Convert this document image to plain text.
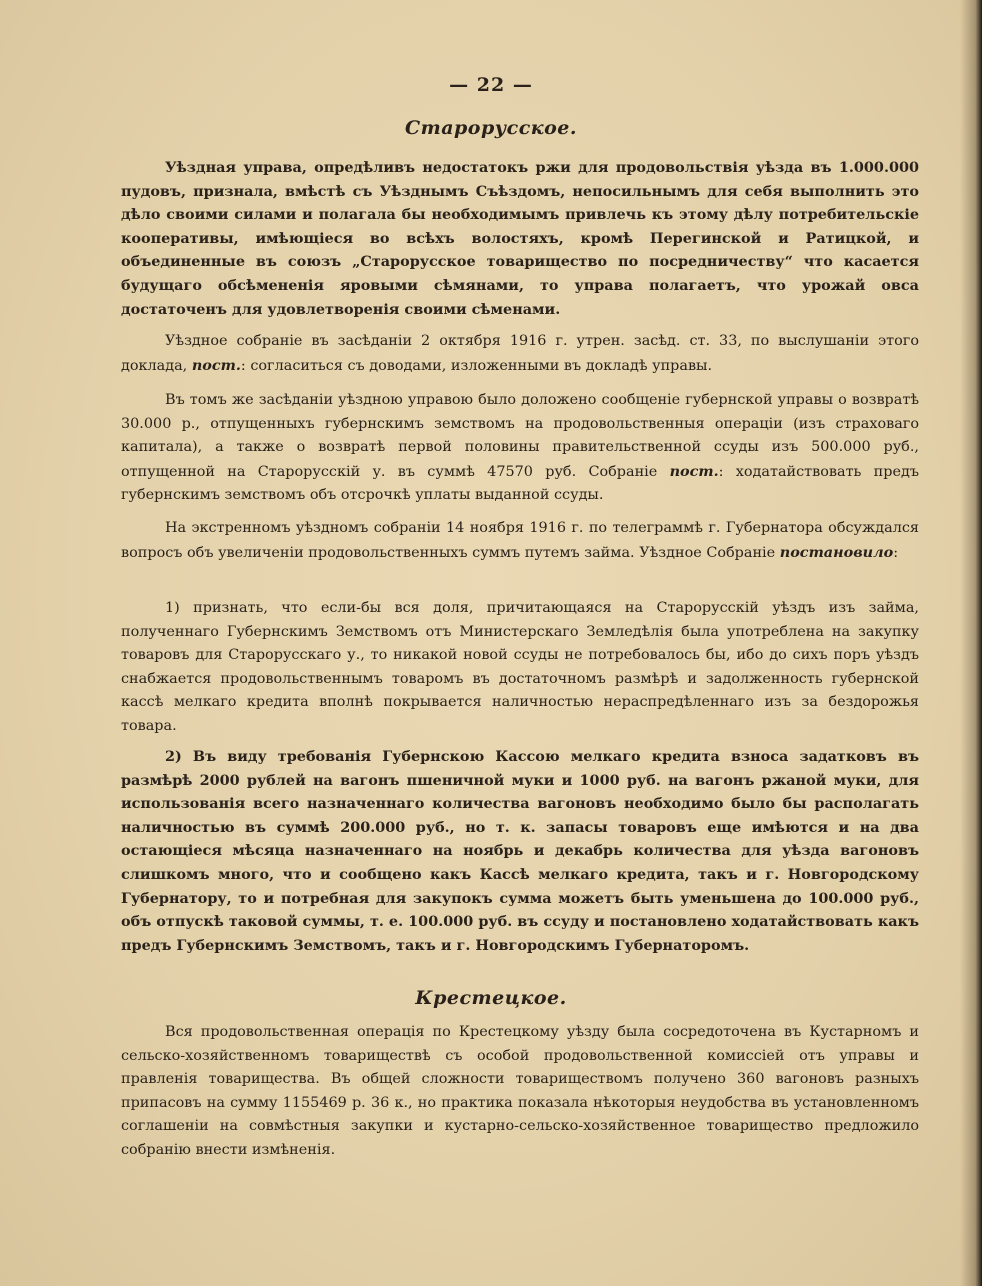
— 22 —
Старорусское.

Уѣздная управа, опредѣливъ недостатокъ ржи для продовольствія уѣзда въ 1.000.000 пудовъ, признала, вмѣстѣ съ Уѣзднымъ Съѣздомъ, непосильнымъ для себя выполнить это дѣло своими силами и полагала бы необходимымъ привлечь къ этому дѣлу потребительскіе кооперативы, имѣющіеся во всѣхъ волостяхъ, кромѣ Перегинской и Ратицкой, и объединенные въ союзъ „Старорусское товарищество по посредничеству“ что касается будущаго обсѣмененія яровыми сѣмянами, то управа полагаетъ, что урожай овса достаточенъ для удовлетворенія своими сѣменами.

Уѣздное собраніе въ засѣданіи 2 октября 1916 г. утрен. засѣд. ст. 33, по выслушаніи этого доклада, пост.: согласиться съ доводами, изложенными въ докладѣ управы.

Въ томъ же засѣданіи уѣздною управою было доложено сообщеніе губернской управы о возвратѣ 30.000 р., отпущенныхъ губернскимъ земствомъ на продовольственныя операціи (изъ страховаго капитала), а также о возвратѣ первой половины правительственной ссуды изъ 500.000 руб., отпущенной на Старорусскій у. въ суммѣ 47570 руб. Собраніе пост.: ходатайствовать предъ губернскимъ земствомъ объ отсрочкѣ уплаты выданной ссуды.

На экстренномъ уѣздномъ собраніи 14 ноября 1916 г. по телеграммѣ г. Губернатора обсуждался вопросъ объ увеличеніи продовольственныхъ суммъ путемъ займа. Уѣздное Собраніе постановило:

1) признать, что если-бы вся доля, причитающаяся на Старорусскій уѣздъ изъ займа, полученнаго Губернскимъ Земствомъ отъ Министерскаго Земледѣлія была употреблена на закупку товаровъ для Старорусскаго у., то никакой новой ссуды не потребовалось бы, ибо до сихъ поръ уѣздъ снабжается продовольственнымъ товаромъ въ достаточномъ размѣрѣ и задолженность губернской кассѣ мелкаго кредита вполнѣ покрывается наличностью нераспредѣленнаго изъ за бездорожья товара.

2) Въ виду требованія Губернскою Кассою мелкаго кредита взноса задатковъ въ размѣрѣ 2000 рублей на вагонъ пшеничной муки и 1000 руб. на вагонъ ржаной муки, для использованія всего назначеннаго количества вагоновъ необходимо было бы располагать наличностью въ суммѣ 200.000 руб., но т. к. запасы товаровъ еще имѣются и на два остающіеся мѣсяца назначеннаго на ноябрь и декабрь количества для уѣзда вагоновъ слишкомъ много, что и сообщено какъ Кассѣ мелкаго кредита, такъ и г. Новгородскому Губернатору, то и потребная для закупокъ сумма можетъ быть уменьшена до 100.000 руб., объ отпускѣ таковой суммы, т. е. 100.000 руб. въ ссуду и постановлено ходатайствовать какъ предъ Губернскимъ Земствомъ, такъ и г. Новгородскимъ Губернаторомъ.

Крестецкое.

Вся продовольственная операція по Крестецкому уѣзду была сосредоточена въ Кустарномъ и сельско-хозяйственномъ товариществѣ съ особой продовольственной комиссіей отъ управы и правленія товарищества. Въ общей сложности товариществомъ получено 360 вагоновъ разныхъ припасовъ на сумму 1155469 р. 36 к., но практика показала нѣкоторыя неудобства въ установленномъ соглашеніи на совмѣстныя закупки и кустарно-сельско-хозяйственное товарищество предложило собранію внести измѣненія.
